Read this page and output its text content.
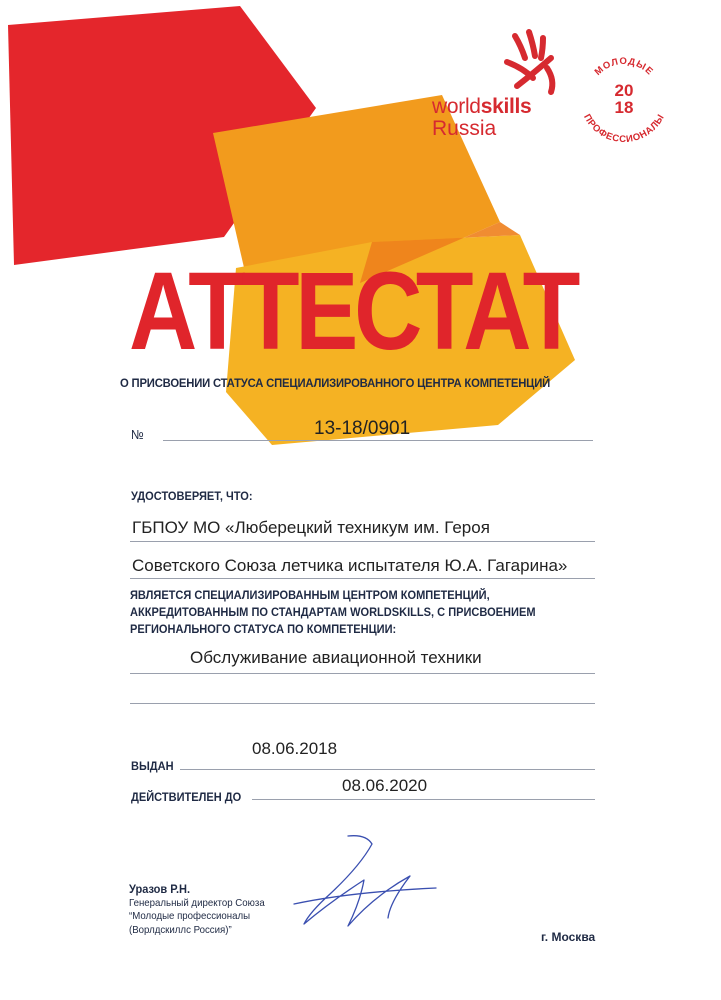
worldskills
Russia
МОЛОДЫЕ
ПРОФЕССИОНАЛЫ
20
18
АТТЕСТАТ
О ПРИСВОЕНИИ СТАТУСА СПЕЦИАЛИЗИРОВАННОГО ЦЕНТРА КОМПЕТЕНЦИЙ
№	13-18/0901
УДОСТОВЕРЯЕТ, ЧТО:
ГБПОУ МО «Люберецкий техникум им. Героя
Советского Союза летчика испытателя Ю.А. Гагарина»
ЯВЛЯЕТСЯ СПЕЦИАЛИЗИРОВАННЫМ ЦЕНТРОМ КОМПЕТЕНЦИЙ,
АККРЕДИТОВАННЫМ ПО СТАНДАРТАМ WORLDSKILLS, С ПРИСВОЕНИЕМ
РЕГИОНАЛЬНОГО СТАТУСА ПО КОМПЕТЕНЦИИ:
Обслуживание авиационной техники
ВЫДАН
08.06.2018
ДЕЙСТВИТЕЛЕН ДО
08.06.2020
Уразов Р.Н.
Генеральный директор Союза
“Молодые профессионалы
(Ворлдскиллс Россия)”
г. Москва
